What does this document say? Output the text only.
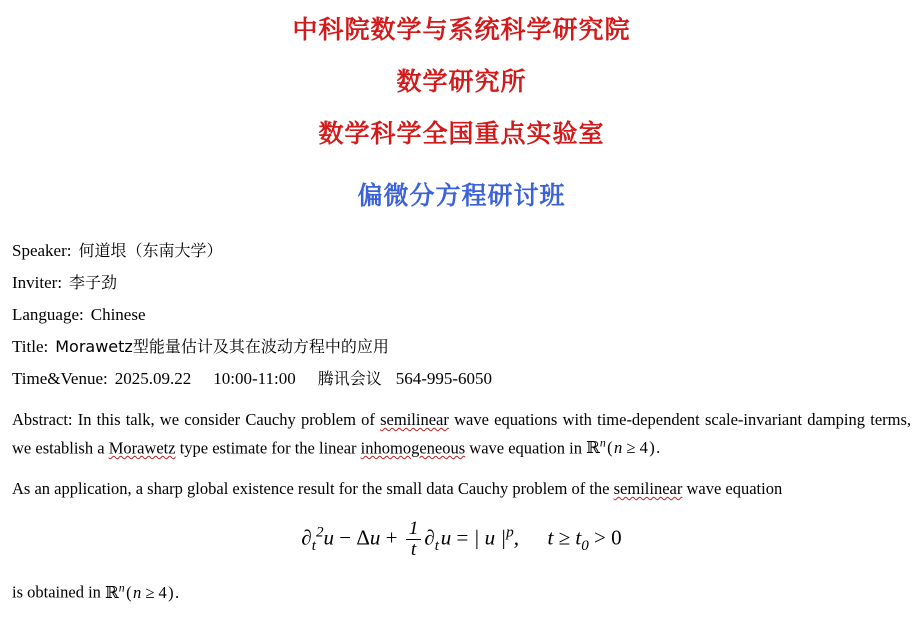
中科院数学与系统科学研究院
数学研究所
数学科学全国重点实验室
偏微分方程研讨班
Speaker: 何道垠（东南大学）
Inviter: 李子劲
Language: Chinese
Title: Morawetz型能量估计及其在波动方程中的应用
Time&Venue: 2025.09.22 10:00-11:00 腾讯会议 564-995-6050

Abstract: In this talk, we consider Cauchy problem of semilinear wave equations with time-dependent scale-invariant damping terms, we establish a Morawetz type estimate for the linear inhomogeneous wave equation in ℝ$^n$ ( n ≥ 4 ) .

As an application, a sharp global existence result for the small data Cauchy problem of the semilinear wave equation

$\partial_t^2u - \Delta u + \frac{1}{t} \partial_t$ u = | u $|^p$, $t \ge t_0 > 0$

is obtained in ℝ$^n$ ( n ≥ 4 ) .
